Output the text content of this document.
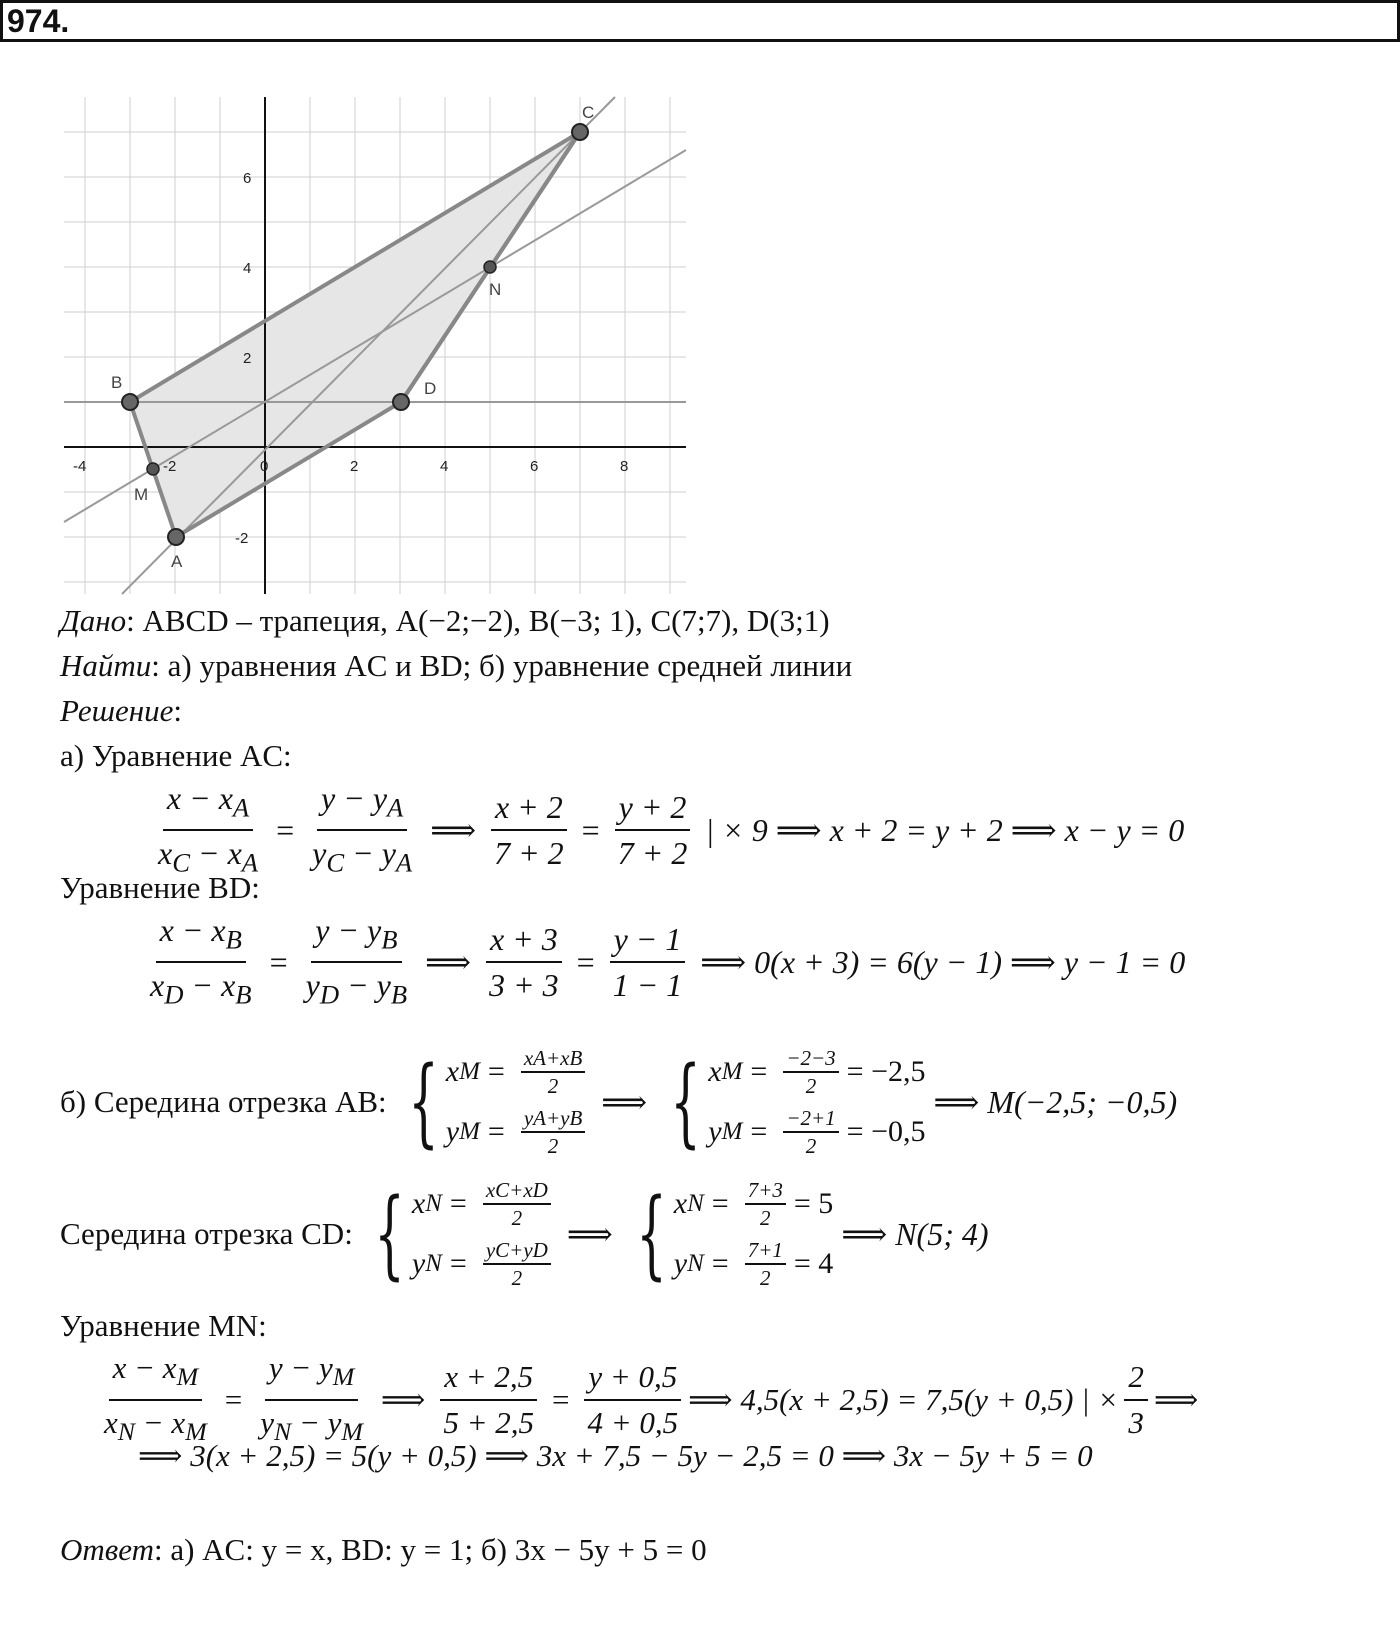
974.
-4	-2	0	2	4	6	8
-2
2
4
6
B
C
D
A
N
M
Дано: ABCD – трапеция, A(−2;−2), B(−3; 1), C(7;7), D(3;1)
Найти: а) уравнения AC и BD; б) уравнение средней линии
Решение:
а) Уравнение AC:
$\frac{x - x_A}{x_C - x_A} = \frac{y - y_A}{y_C - y_A}$ ⟹ $\frac{x + 2}{7 + 2} = \frac{y + 2}{7 + 2}$ | × 9 ⟹ x + 2 = y + 2 ⟹ x − y = 0
Уравнение BD:
$\frac{x - x_B}{x_D - x_B} = \frac{y - y_B}{y_D - y_B}$ ⟹ $\frac{x + 3}{3 + 3} = \frac{y - 1}{1 - 1}$ ⟹ 0(x + 3) = 6(y − 1) ⟹ y − 1 = 0
б) Середина отрезка AB: { x $M = \frac{xA+xB}{2}$
y $M = \frac{yA+yB}{2}$
⟹ { x $M = \frac{-2-3}{2} = -2,5$
y $M = \frac{-2+1}{2} = -0,5$
⟹ M(−2,5; −0,5)
Середина отрезка CD: { x $N = \frac{xC+xD}{2}$
y $N = \frac{yC+yD}{2}$
⟹ { x $N = \frac{7+3}{2} = 5$
y $N = \frac{7+1}{2} = 4$
⟹ N(5; 4)
Уравнение MN:
$\frac{x - x_M}{x_N - x_M} = \frac{y - y_M}{y_N - y_M}$ ⟹ $\frac{x + 2,5}{5 + 2,5} = \frac{y + 0,5}{4 + 0,5}$ ⟹ 4,5(x + 2,5) = 7,5(y + 0,5) | × $\frac{2}{3}$ ⟹
⟹ 3(x + 2,5) = 5(y + 0,5) ⟹ 3x + 7,5 − 5y − 2,5 = 0 ⟹ 3x − 5y + 5 = 0
Ответ: а) AC: y = x, BD: y = 1; б) 3x − 5y + 5 = 0
